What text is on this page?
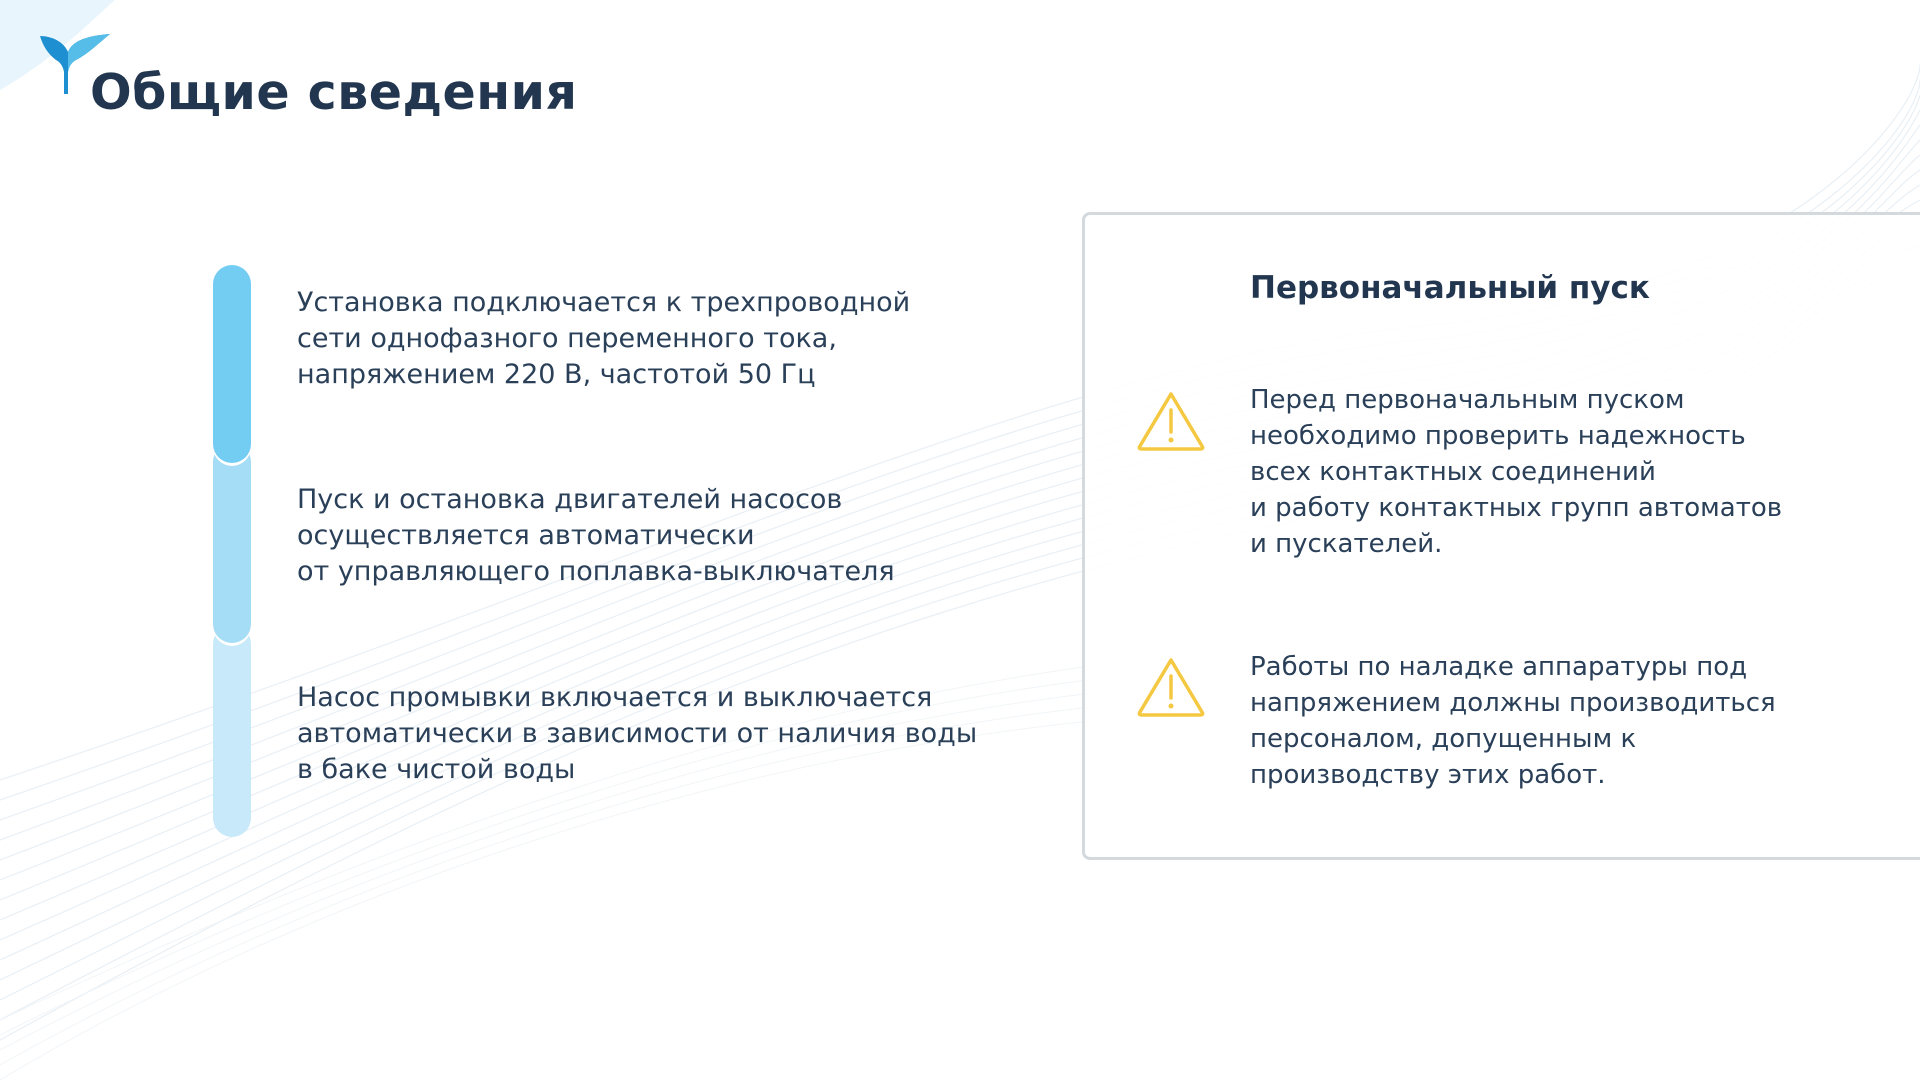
Общие сведения

Установка подключается к трехпроводной
сети однофазного переменного тока,
напряжением 220 В, частотой 50 Гц

Пуск и остановка двигателей насосов
осуществляется автоматически
от управляющего поплавка-выключателя

Насос промывки включается и выключается
автоматически в зависимости от наличия воды
в баке чистой воды

Первоначальный пуск

Перед первоначальным пуском
необходимо проверить надежность
всех контактных соединений
и работу контактных групп автоматов
и пускателей.

Работы по наладке аппаратуры под
напряжением должны производиться
персоналом, допущенным к
производству этих работ.
